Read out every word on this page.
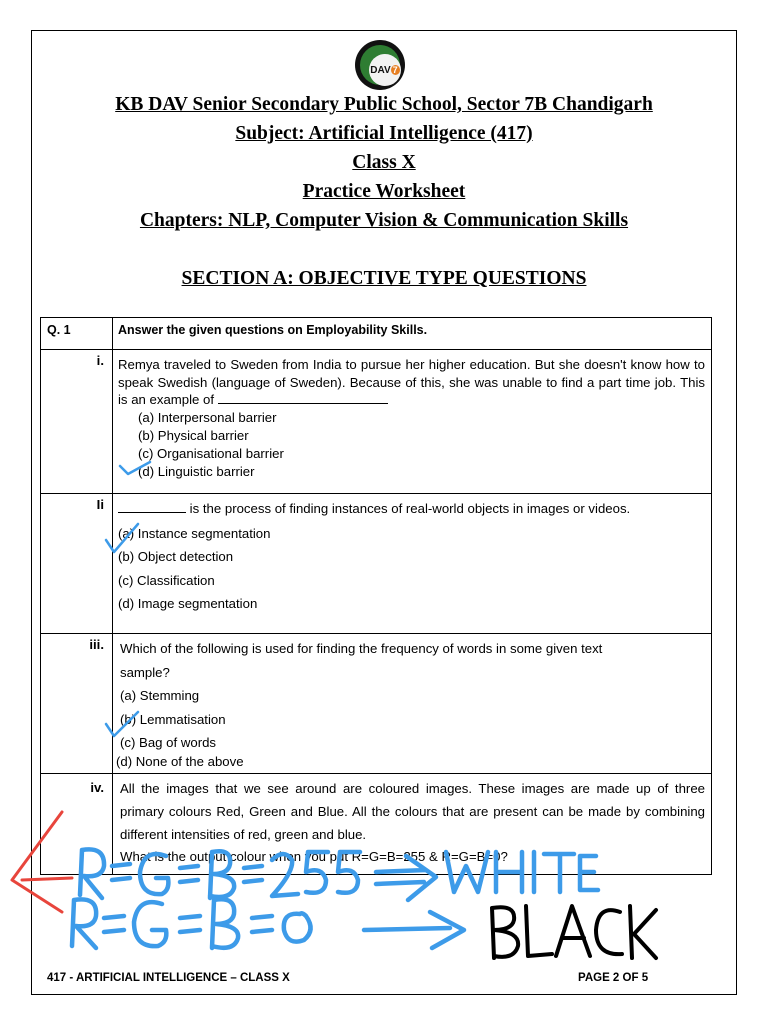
DAV 7
KB DAV Senior Secondary Public School, Sector 7B Chandigarh
Subject: Artificial Intelligence (417)
Class X
Practice Worksheet
Chapters: NLP, Computer Vision & Communication Skills
SECTION A: OBJECTIVE TYPE QUESTIONS
Q. 1	Answer the given questions on Employability Skills.
i.	Remya traveled to Sweden from India to pursue her higher education. But she doesn't know how to speak Swedish (language of Sweden). Because of this, she was unable to find a part time job. This is an example of
(a) Interpersonal barrier
(b) Physical barrier
(c) Organisational barrier
(d) Linguistic barrier

Ii	is the process of finding instances of real-world objects in images or videos.
(a) Instance segmentation
(b) Object detection
(c) Classification
(d) Image segmentation

iii.	Which of the following is used for finding the frequency of words in some given text sample?
(a) Stemming
(b) Lemmatisation
(c) Bag of words
(d) None of the above

iv.	All the images that we see around are coloured images. These images are made up of three primary colours Red, Green and Blue. All the colours that are present can be made by combining different intensities of red, green and blue.
What is the output colour when you put R=G=B=255 & R=G=B=0?
417 - ARTIFICIAL INTELLIGENCE – CLASS X	PAGE 2 OF 5
